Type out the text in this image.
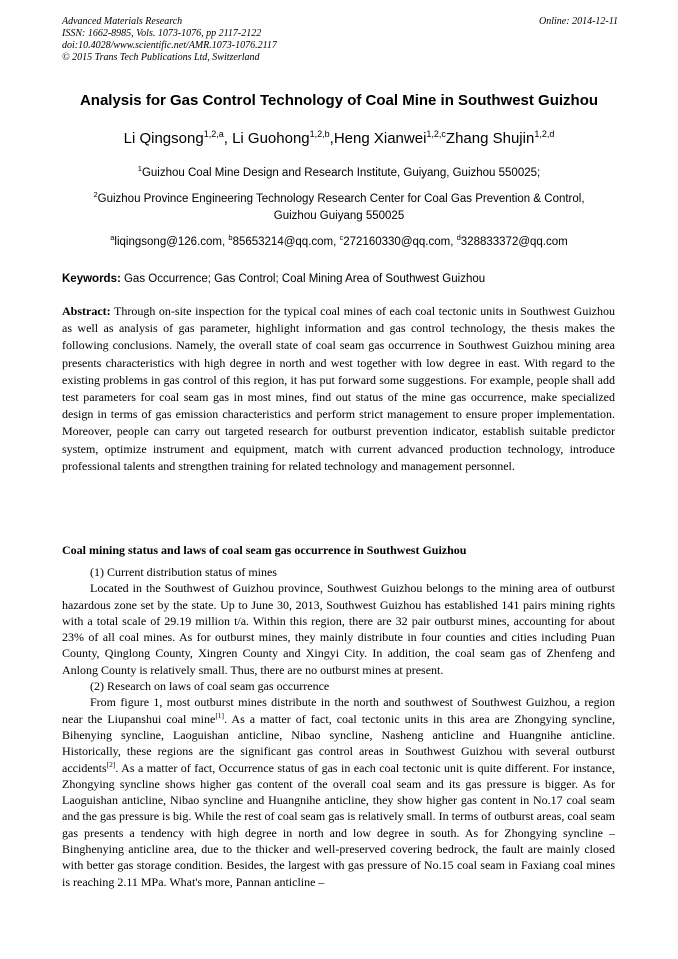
Advanced Materials Research	Online: 2014-12-11
ISSN: 1662-8985, Vols. 1073-1076, pp 2117-2122
doi:10.4028/www.scientific.net/AMR.1073-1076.2117
© 2015 Trans Tech Publications Ltd, Switzerland
Analysis for Gas Control Technology of Coal Mine in Southwest Guizhou
Li Qingsong$^{1,2,a}$, Li Guohong$^{1,2,b}$,Heng Xianwei$^{1,2,c}$Zhang Shujin$^{1,2,d}$
$^1$Guizhou Coal Mine Design and Research Institute, Guiyang, Guizhou 550025;
$^2$Guizhou Province Engineering Technology Research Center for Coal Gas Prevention & Control,
Guizhou Guiyang 550025
$^a$liqingsong@126.com, $^b$85653214@qq.com, $^c$272160330@qq.com, $^d$328833372@qq.com
Keywords: Gas Occurrence; Gas Control; Coal Mining Area of Southwest Guizhou

Abstract: Through on-site inspection for the typical coal mines of each coal tectonic units in Southwest Guizhou as well as analysis of gas parameter, highlight information and gas control technology, the thesis makes the following conclusions. Namely, the overall state of coal seam gas occurrence in Southwest Guizhou mining area presents characteristics with high degree in north and west together with low degree in east. With regard to the existing problems in gas control of this region, it has put forward some suggestions. For example, people shall add test parameters for coal seam gas in most mines, find out status of the mine gas occurrence, make specialized design in terms of gas emission characteristics and perform strict management to ensure proper implementation. Moreover, people can carry out targeted research for outburst prevention indicator, establish suitable predictor system, optimize instrument and equipment, match with current advanced production technology, introduce professional talents and strengthen training for related technology and management personnel.

Coal mining status and laws of coal seam gas occurrence in Southwest Guizhou

(1) Current distribution status of mines

Located in the Southwest of Guizhou province, Southwest Guizhou belongs to the mining area of outburst hazardous zone set by the state. Up to June 30, 2013, Southwest Guizhou has established 141 pairs mining rights with a total scale of 29.19 million t/a. Within this region, there are 32 pair outburst mines, accounting for about 23% of all coal mines. As for outburst mines, they mainly distribute in four counties and cities including Puan County, Qinglong County, Xingren County and Xingyi City. In addition, the coal seam gas of Zhenfeng and Anlong County is relatively small. Thus, there are no outburst mines at present.

(2) Research on laws of coal seam gas occurrence

From figure 1, most outburst mines distribute in the north and southwest of Southwest Guizhou, a region near the Liupanshui coal mine[1]. As a matter of fact, coal tectonic units in this area are Zhongying syncline, Bihenying syncline, Laoguishan anticline, Nibao syncline, Nasheng anticline and Huangnihe anticline. Historically, these regions are the significant gas control areas in Southwest Guizhou with several outburst accidents[2]. As a matter of fact, Occurrence status of gas in each coal tectonic unit is quite different. For instance, Zhongying syncline shows higher gas content of the overall coal seam and its gas pressure is bigger. As for Laoguishan anticline, Nibao syncline and Huangnihe anticline, they show higher gas content in No.17 coal seam and the gas pressure is big. While the rest of coal seam gas is relatively small. In terms of outburst areas, coal seam gas presents a tendency with high degree in north and low degree in south. As for Zhongying syncline – Binghenying anticline area, due to the thicker and well-preserved covering bedrock, the fault are mainly closed with better gas storage condition. Besides, the largest with gas pressure of No.15 coal seam in Faxiang coal mines is reaching 2.11 MPa. What's more, Pannan anticline –
